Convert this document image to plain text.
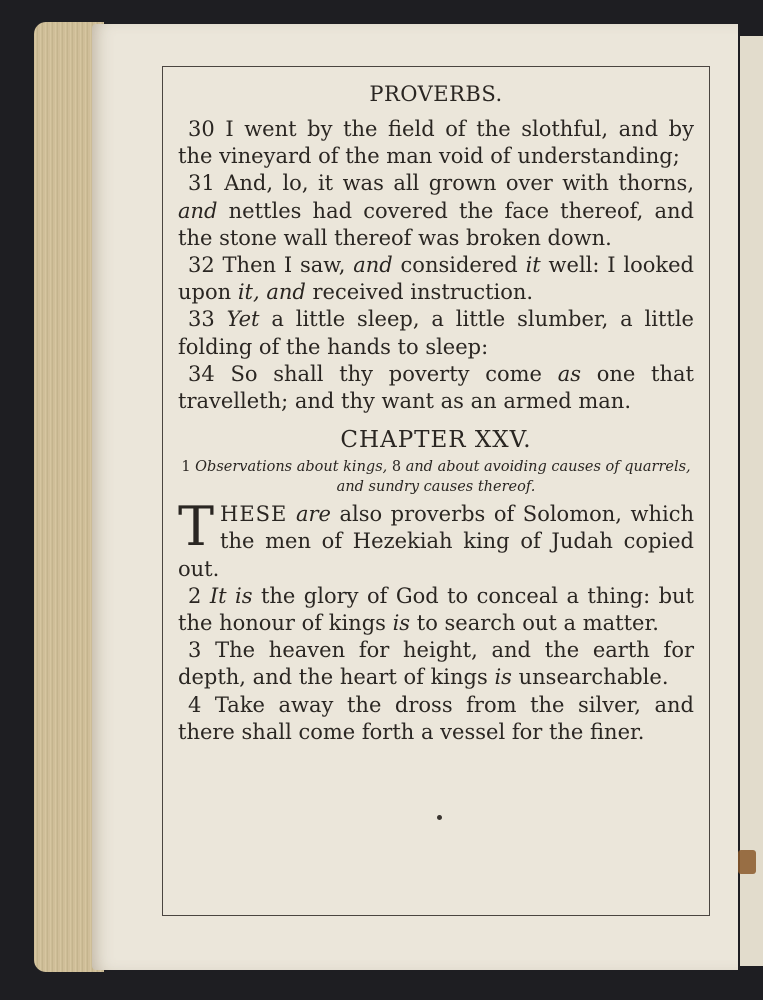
PROVERBS.

30 I went by the field of the slothful, and by the vineyard of the man void of understanding;

31 And, lo, it was all grown over with thorns, and nettles had covered the face thereof, and the stone wall thereof was broken down.

32 Then I saw, and considered it well: I looked upon it, and received instruction.

33 Yet a little sleep, a little slumber, a little folding of the hands to sleep:

34 So shall thy poverty come as one that travelleth; and thy want as an armed man.

CHAPTER XXV.
1 Observations about kings, 8 and about avoiding causes of quarrels, and sundry causes thereof.

THESE are also proverbs of Solomon, which the men of Hezekiah king of Judah copied out.

2 It is the glory of God to conceal a thing: but the honour of kings is to search out a matter.

3 The heaven for height, and the earth for depth, and the heart of kings is unsearchable.

4 Take away the dross from the silver, and there shall come forth a vessel for the finer.
